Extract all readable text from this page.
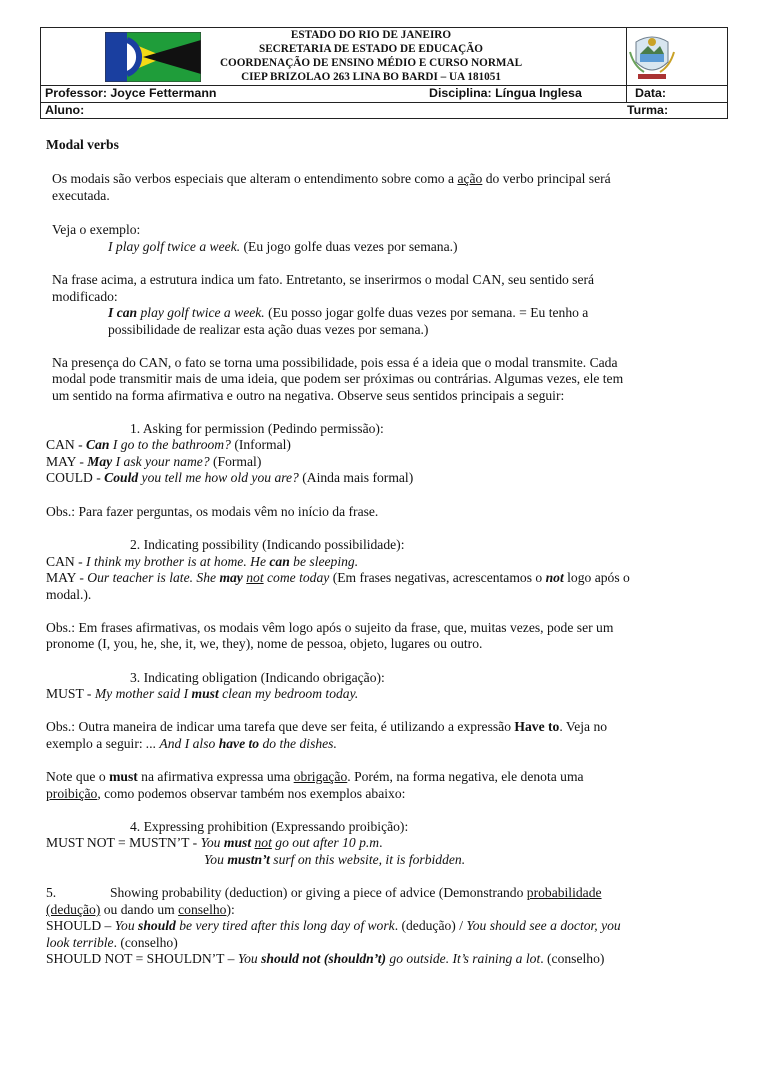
ESTADO DO RIO DE JANEIRO
SECRETARIA DE ESTADO DE EDUCAÇÃO
COORDENAÇÃO DE ENSINO MÉDIO E CURSO NORMAL
CIEP BRIZOLAO 263 LINA BO BARDI – UA 181051
Professor: Joyce Fettermann	Disciplina: Língua Inglesa	Data:
Aluno:	Turma:
Modal verbs
Os modais são verbos especiais que alteram o entendimento sobre como a ação do verbo principal será
executada.
Veja o exemplo:
I play golf twice a week. (Eu jogo golfe duas vezes por semana.)
Na frase acima, a estrutura indica um fato. Entretanto, se inserirmos o modal CAN, seu sentido será
modificado:
I can play golf twice a week. (Eu posso jogar golfe duas vezes por semana. = Eu tenho a
possibilidade de realizar esta ação duas vezes por semana.)
Na presença do CAN, o fato se torna uma possibilidade, pois essa é a ideia que o modal transmite. Cada
modal pode transmitir mais de uma ideia, que podem ser próximas ou contrárias. Algumas vezes, ele tem
um sentido na forma afirmativa e outro na negativa. Observe seus sentidos principais a seguir:
1. Asking for permission (Pedindo permissão):
CAN - Can I go to the bathroom? (Informal)
MAY - May I ask your name? (Formal)
COULD - Could you tell me how old you are? (Ainda mais formal)
Obs.: Para fazer perguntas, os modais vêm no início da frase.
2. Indicating possibility (Indicando possibilidade):
CAN - I think my brother is at home. He can be sleeping.
MAY - Our teacher is late. She may not come today (Em frases negativas, acrescentamos o not logo após o
modal.).
Obs.: Em frases afirmativas, os modais vêm logo após o sujeito da frase, que, muitas vezes, pode ser um
pronome (I, you, he, she, it, we, they), nome de pessoa, objeto, lugares ou outro.
3. Indicating obligation (Indicando obrigação):
MUST - My mother said I must clean my bedroom today.
Obs.: Outra maneira de indicar uma tarefa que deve ser feita, é utilizando a expressão Have to. Veja no
exemplo a seguir: ... And I also have to do the dishes.
Note que o must na afirmativa expressa uma obrigação. Porém, na forma negativa, ele denota uma
proibição, como podemos observar também nos exemplos abaixo:
4. Expressing prohibition (Expressando proibição):
MUST NOT = MUSTN’T - You must not go out after 10 p.m.
You mustn’t surf on this website, it is forbidden.
5.	Showing probability (deduction) or giving a piece of advice (Demonstrando probabilidade
(dedução) ou dando um conselho):
SHOULD – You should be very tired after this long day of work. (dedução) / You should see a doctor, you
look terrible. (conselho)
SHOULD NOT = SHOULDN’T – You should not (shouldn’t) go outside. It’s raining a lot. (conselho)
